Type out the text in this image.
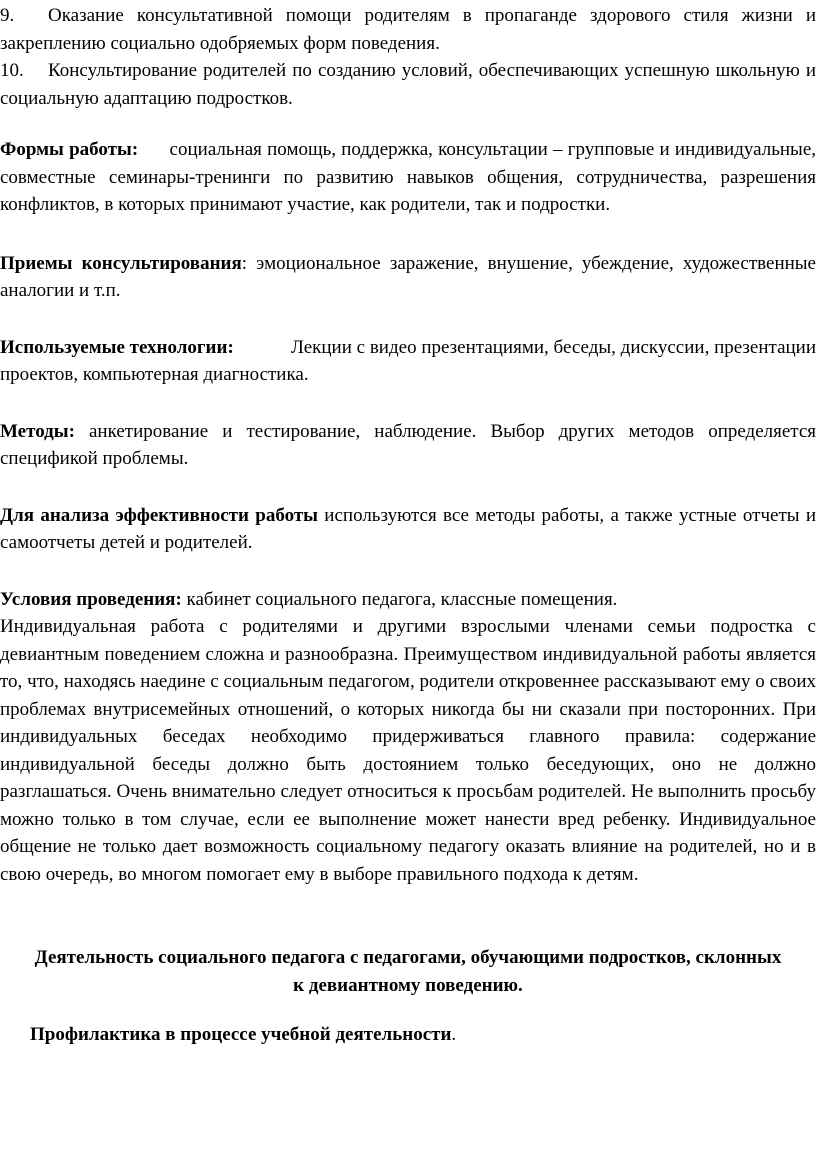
9. Оказание консультативной помощи родителям в пропаганде здорового стиля жизни и закреплению социально одобряемых форм поведения.

10. Консультирование родителей по созданию условий, обеспечивающих успешную школьную и социальную адаптацию подростков.

Формы работы: социальная помощь, поддержка, консультации – групповые и индивидуальные, совместные семинары-тренинги по развитию навыков общения, сотрудничества, разрешения конфликтов, в которых принимают участие, как родители, так и подростки.

Приемы консультирования: эмоциональное заражение, внушение, убеждение, художественные аналогии и т.п.

Используемые технологии:	Лекции с видео презентациями, беседы, дискуссии, презентации проектов, компьютерная диагностика.

Методы: анкетирование и тестирование, наблюдение. Выбор других методов определяется спецификой проблемы.

Для анализа эффективности работы используются все методы работы, а также устные отчеты и самоотчеты детей и родителей.

Условия проведения: кабинет социального педагога, классные помещения.

Индивидуальная работа с родителями и другими взрослыми членами семьи подростка с девиантным поведением сложна и разнообразна. Преимуществом индивидуальной работы является то, что, находясь наедине с социальным педагогом, родители откровеннее рассказывают ему о своих проблемах внутрисемейных отношений, о которых никогда бы ни сказали при посторонних. При индивидуальных беседах необходимо придерживаться главного правила: содержание индивидуальной беседы должно быть достоянием только беседующих, оно не должно разглашаться. Очень внимательно следует относиться к просьбам родителей. Не выполнить просьбу можно только в том случае, если ее выполнение может нанести вред ребенку. Индивидуальное общение не только дает возможность социальному педагогу оказать влияние на родителей, но и в свою очередь, во многом помогает ему в выборе правильного подхода к детям.

Деятельность социального педагога с педагогами, обучающими подростков, склонных к девиантному поведению.

Профилактика в процессе учебной деятельности.
